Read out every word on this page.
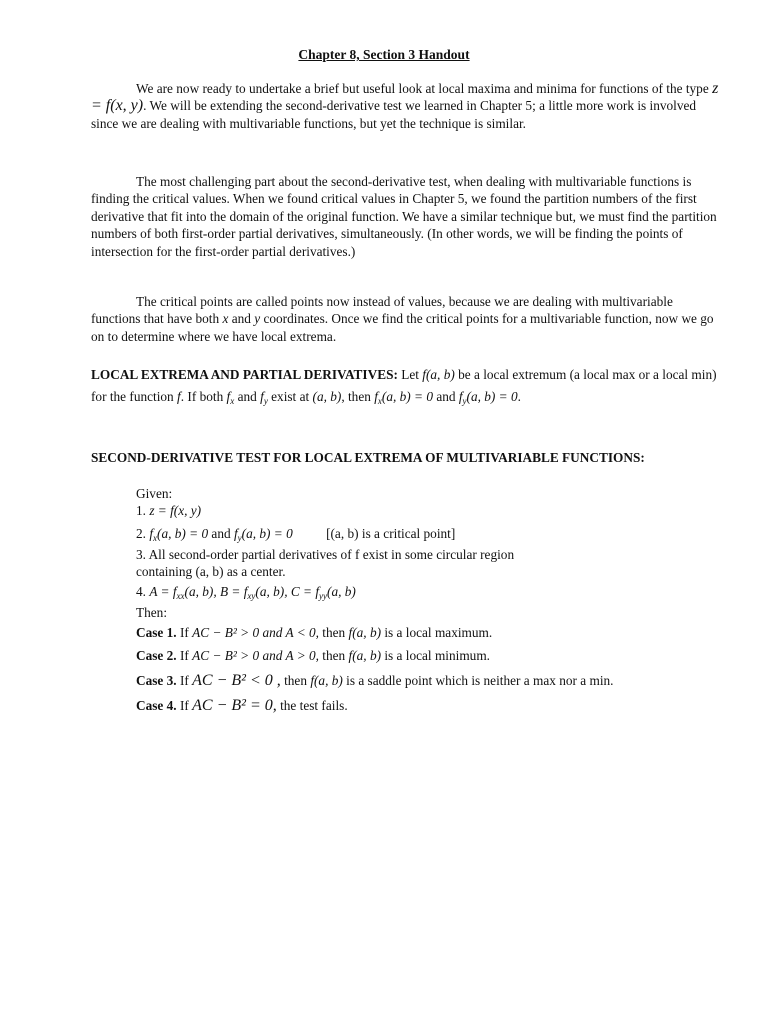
Chapter 8, Section 3 Handout

We are now ready to undertake a brief but useful look at local maxima and minima for functions of the type z = f(x, y). We will be extending the second-derivative test we learned in Chapter 5; a little more work is involved since we are dealing with multivariable functions, but yet the technique is similar.

The most challenging part about the second-derivative test, when dealing with multivariable functions is finding the critical values. When we found critical values in Chapter 5, we found the partition numbers of the first derivative that fit into the domain of the original function. We have a similar technique but, we must find the partition numbers of both first-order partial derivatives, simultaneously. (In other words, we will be finding the points of intersection for the first-order partial derivatives.)

The critical points are called points now instead of values, because we are dealing with multivariable functions that have both x and y coordinates. Once we find the critical points for a multivariable function, now we go on to determine where we have local extrema.

LOCAL EXTREMA AND PARTIAL DERIVATIVES: Let f(a, b) be a local extremum (a local max or a local min) for the function f. If both $f_x$ and $f_y$ exist at (a, b), then $f_x(a$, b) = 0 and $f_y(a$, b) = 0.

SECOND-DERIVATIVE TEST FOR LOCAL EXTREMA OF MULTIVARIABLE FUNCTIONS:

Given:
1. z = f(x, y)
2. $f_x(a$, b) = 0 and $f_y(a$, b) = 0	[(a, b) is a critical point]
3. All second-order partial derivatives of f exist in some circular region
containing (a, b) as a center.
4. $A = f_{xx}(a$, b), $B = f_{xy}(a$, b), $C = f_{yy}(a$, b)
Then:
Case 1. If AC − B² > 0 and A < 0, then f(a, b) is a local maximum.
Case 2. If AC − B² > 0 and A > 0, then f(a, b) is a local minimum.
Case 3. If AC − B² < 0 , then f(a, b) is a saddle point which is neither a max nor a min.
Case 4. If AC − B² = 0, the test fails.
